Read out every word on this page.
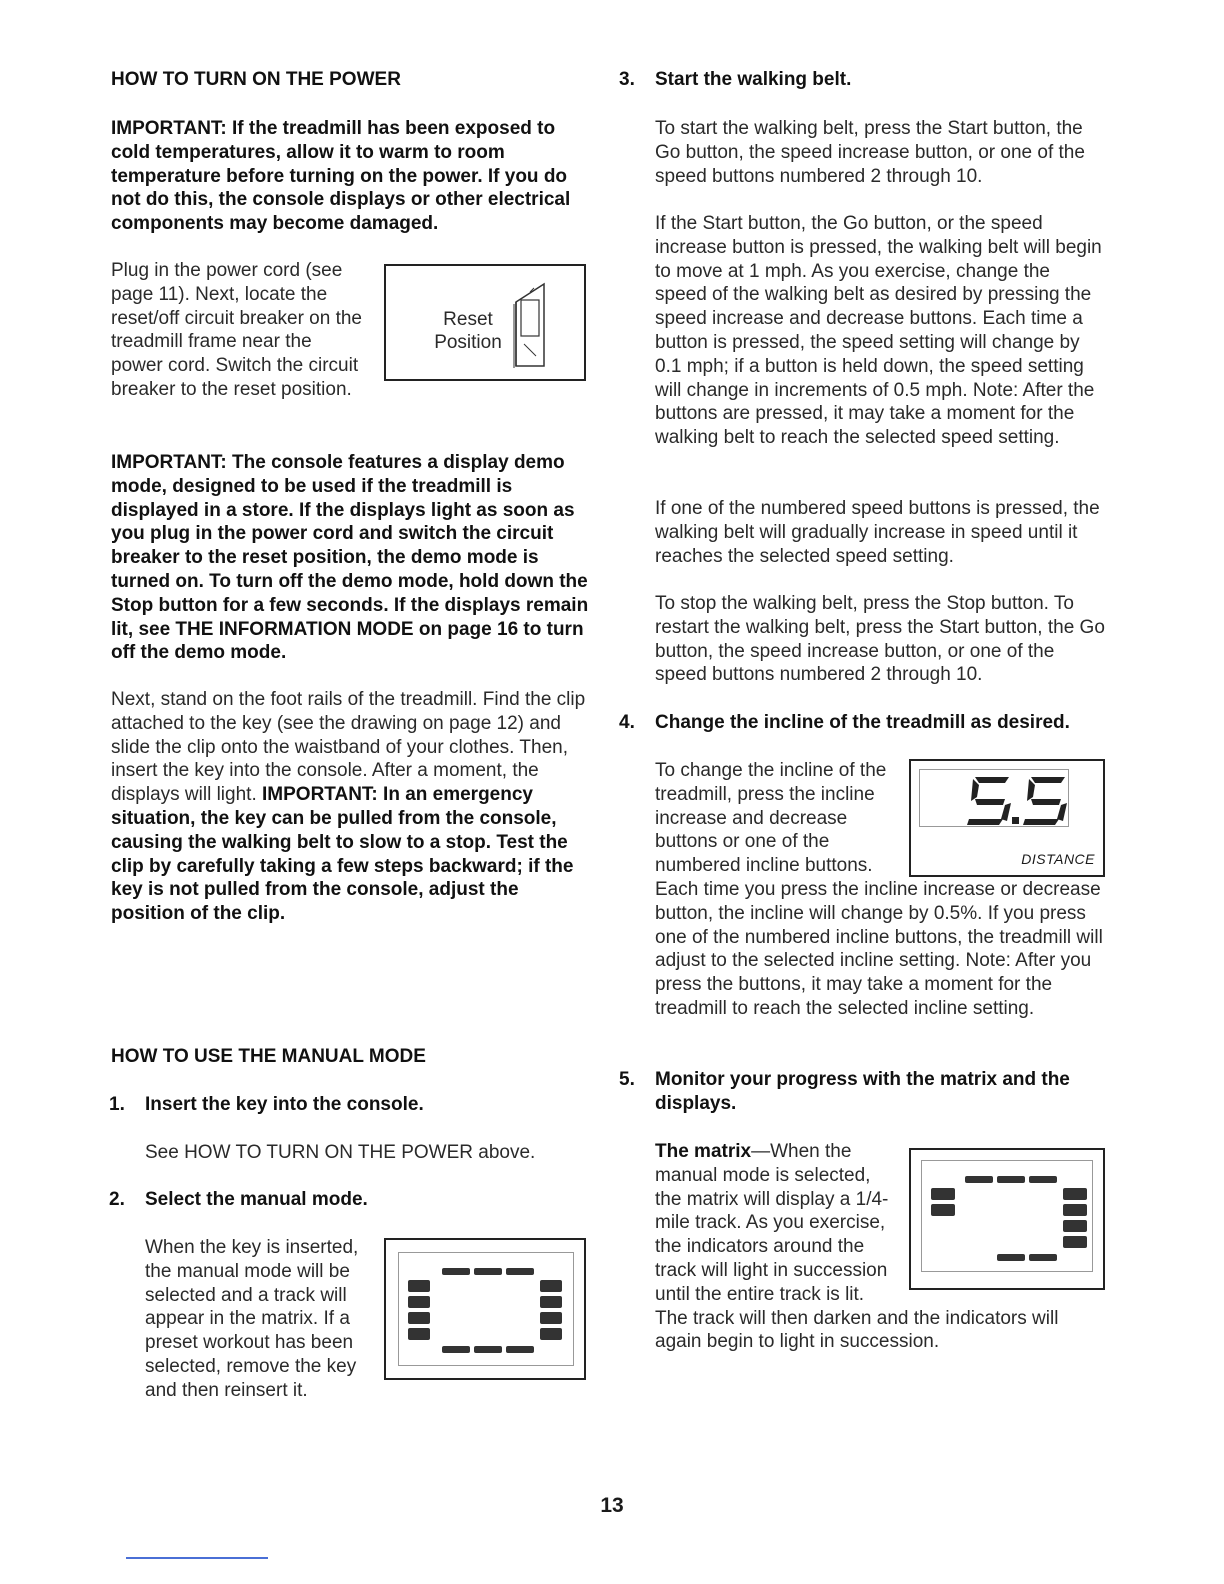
HOW TO TURN ON THE POWER

IMPORTANT: If the treadmill has been exposed to cold temperatures, allow it to warm to room temperature before turning on the power. If you do not do this, the console displays or other electrical components may become damaged.

Plug in the power cord (see page 11). Next, locate the reset/off circuit breaker on the treadmill frame near the power cord. Switch the circuit breaker to the reset position.

Reset
Position

IMPORTANT: The console features a display demo mode, designed to be used if the treadmill is displayed in a store. If the displays light as soon as you plug in the power cord and switch the circuit breaker to the reset position, the demo mode is turned on. To turn off the demo mode, hold down the Stop button for a few seconds. If the displays remain lit, see THE INFORMATION MODE on page 16 to turn off the demo mode.

Next, stand on the foot rails of the treadmill. Find the clip attached to the key (see the drawing on page 12) and slide the clip onto the waistband of your clothes. Then, insert the key into the console. After a moment, the displays will light. IMPORTANT: In an emergency situation, the key can be pulled from the console, causing the walking belt to slow to a stop. Test the clip by carefully taking a few steps backward; if the key is not pulled from the console, adjust the position of the clip.

HOW TO USE THE MANUAL MODE

1. Insert the key into the console.

See HOW TO TURN ON THE POWER above.

2. Select the manual mode.

When the key is inserted, the manual mode will be selected and a track will appear in the matrix. If a preset workout has been selected, remove the key and then reinsert it.

3. Start the walking belt.

To start the walking belt, press the Start button, the Go button, the speed increase button, or one of the speed buttons numbered 2 through 10.

If the Start button, the Go button, or the speed increase button is pressed, the walking belt will begin to move at 1 mph. As you exercise, change the speed of the walking belt as desired by pressing the speed increase and decrease buttons. Each time a button is pressed, the speed setting will change by 0.1 mph; if a button is held down, the speed setting will change in increments of 0.5 mph. Note: After the buttons are pressed, it may take a moment for the walking belt to reach the selected speed setting.

If one of the numbered speed buttons is pressed, the walking belt will gradually increase in speed until it reaches the selected speed setting.

To stop the walking belt, press the Stop button. To restart the walking belt, press the Start button, the Go button, the speed increase button, or one of the speed buttons numbered 2 through 10.

4. Change the incline of the treadmill as desired.

DISTANCE

To change the incline of the treadmill, press the incline increase and decrease buttons or one of the numbered incline buttons. Each time you press the incline increase or decrease button, the incline will change by 0.5%. If you press one of the numbered incline buttons, the treadmill will adjust to the selected incline setting. Note: After you press the buttons, it may take a moment for the treadmill to reach the selected incline setting.

5. Monitor your progress with the matrix and the displays.

The matrix—When the manual mode is selected, the matrix will display a 1/4-mile track. As you exercise, the indicators around the track will light in succession until the entire track is lit. The track will then darken and the indicators will again begin to light in succession.

13
